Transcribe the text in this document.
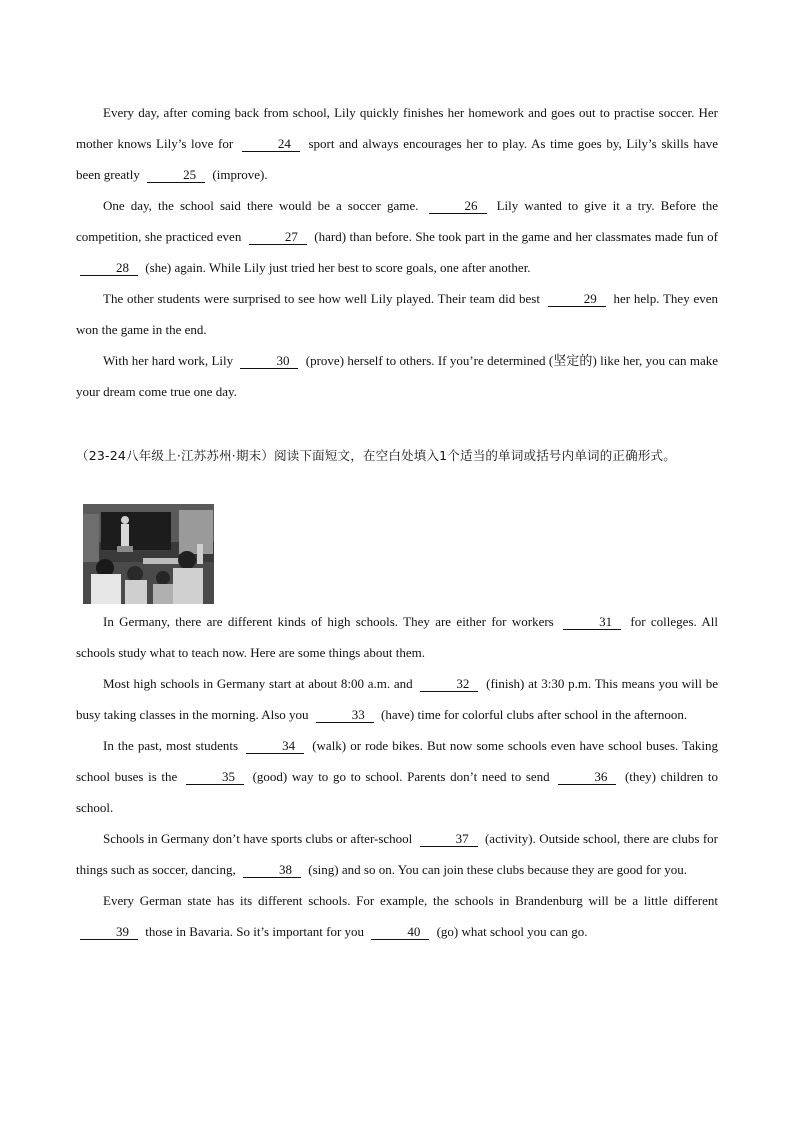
Every day, after coming back from school, Lily quickly finishes her homework and goes out to practise soccer. Her mother knows Lily’s love for	24 sport and always encourages her to play. As time goes by, Lily’s skills have been greatly	25 (improve).

One day, the school said there would be a soccer game.	26 Lily wanted to give it a try. Before the competition, she practiced even	27 (hard) than before. She took part in the game and her classmates made fun of 28 (she) again. While Lily just tried her best to score goals, one after another.

The other students were surprised to see how well Lily played. Their team did best	29 her help. They even won the game in the end.

With her hard work, Lily	30 (prove) herself to others. If you’re determined (坚定的) like her, you can make your dream come true one day.

（23-24八年级上·江苏苏州·期末）阅读下面短文，在空白处填入1个适当的单词或括号内单词的正确形式。

In Germany, there are different kinds of high schools. They are either for workers	31 for colleges. All schools study what to teach now. Here are some things about them.

Most high schools in Germany start at about 8:00 a.m. and	32 (finish) at 3:30 p.m. This means you will be busy taking classes in the morning. Also you	33 (have) time for colorful clubs after school in the afternoon.

In the past, most students	34 (walk) or rode bikes. But now some schools even have school buses. Taking school buses is the	35 (good) way to go to school. Parents don’t need to send	36 (they) children to school.

Schools in Germany don’t have sports clubs or after-school	37 (activity). Outside school, there are clubs for things such as soccer, dancing,	38 (sing) and so on. You can join these clubs because they are good for you.

Every German state has its different schools. For example, the schools in Brandenburg will be a little different 39 those in Bavaria. So it’s important for you	40 (go) what school you can go.
